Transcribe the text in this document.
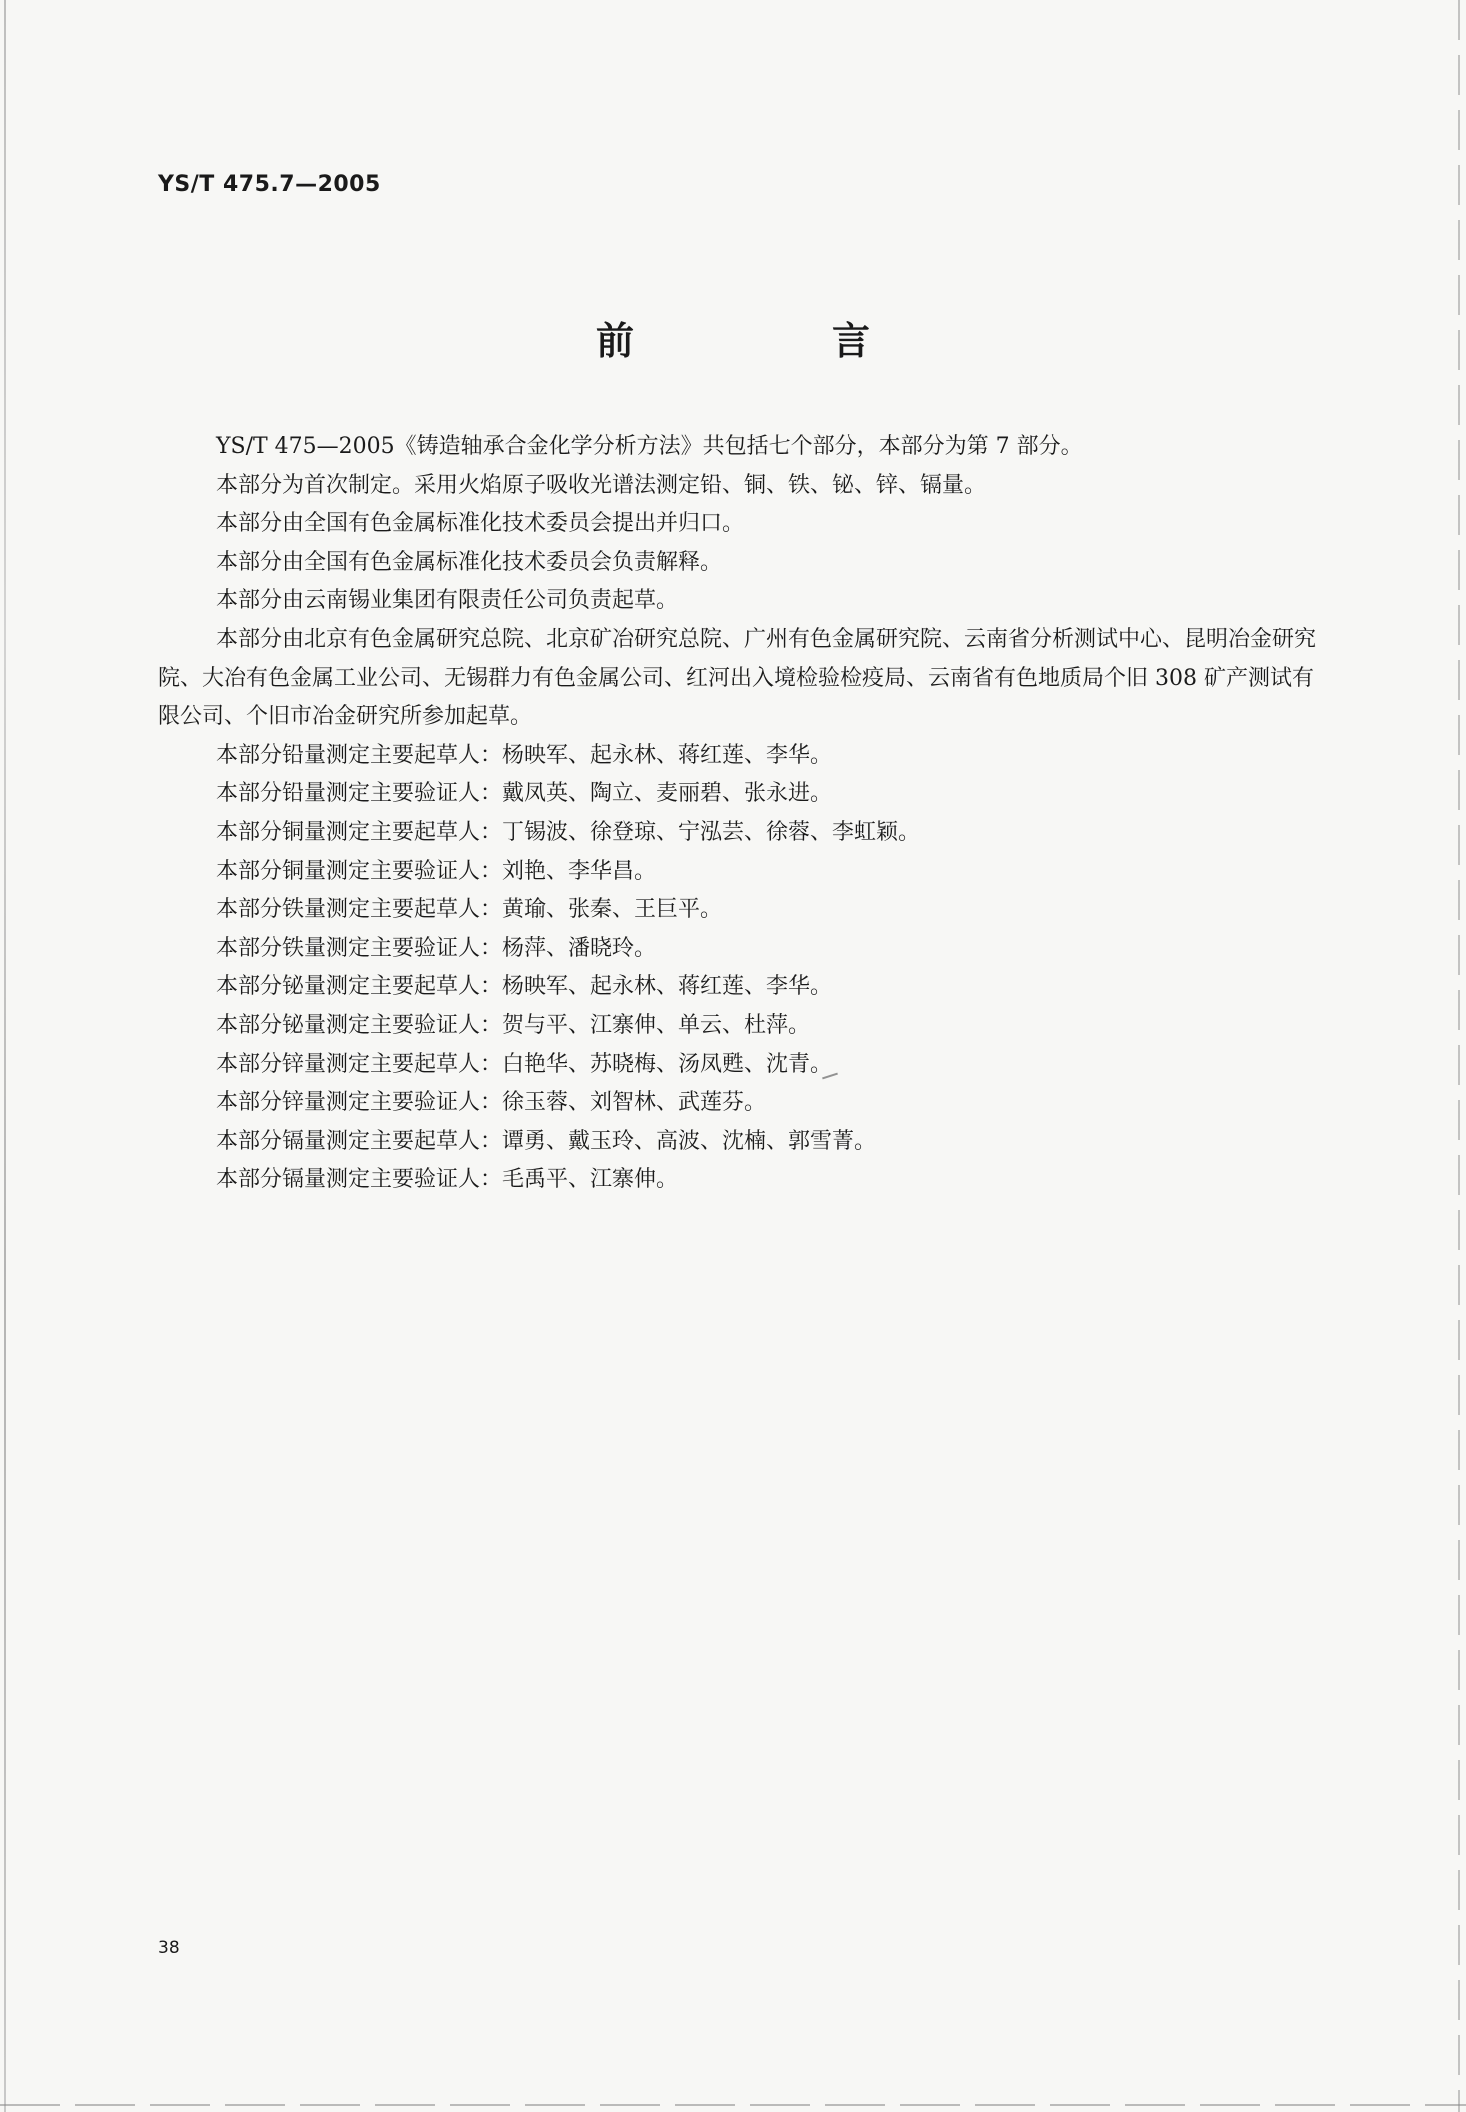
YS/T 475.7—2005
前　言

YS/T 475—2005《铸造轴承合金化学分析方法》共包括七个部分，本部分为第 7 部分。

本部分为首次制定。采用火焰原子吸收光谱法测定铅、铜、铁、铋、锌、镉量。

本部分由全国有色金属标准化技术委员会提出并归口。

本部分由全国有色金属标准化技术委员会负责解释。

本部分由云南锡业集团有限责任公司负责起草。

本部分由北京有色金属研究总院、北京矿冶研究总院、广州有色金属研究院、云南省分析测试中心、昆明冶金研究院、大冶有色金属工业公司、无锡群力有色金属公司、红河出入境检验检疫局、云南省有色地质局个旧 308 矿产测试有限公司、个旧市冶金研究所参加起草。

本部分铅量测定主要起草人：杨映军、起永林、蒋红莲、李华。

本部分铅量测定主要验证人：戴凤英、陶立、麦丽碧、张永进。

本部分铜量测定主要起草人：丁锡波、徐登琼、宁泓芸、徐蓉、李虹颖。

本部分铜量测定主要验证人：刘艳、李华昌。

本部分铁量测定主要起草人：黄瑜、张秦、王巨平。

本部分铁量测定主要验证人：杨萍、潘晓玲。

本部分铋量测定主要起草人：杨映军、起永林、蒋红莲、李华。

本部分铋量测定主要验证人：贺与平、江寨伸、单云、杜萍。

本部分锌量测定主要起草人：白艳华、苏晓梅、汤凤甦、沈青。

本部分锌量测定主要验证人：徐玉蓉、刘智林、武莲芬。

本部分镉量测定主要起草人：谭勇、戴玉玲、高波、沈楠、郭雪菁。

本部分镉量测定主要验证人：毛禹平、江寨伸。

38
